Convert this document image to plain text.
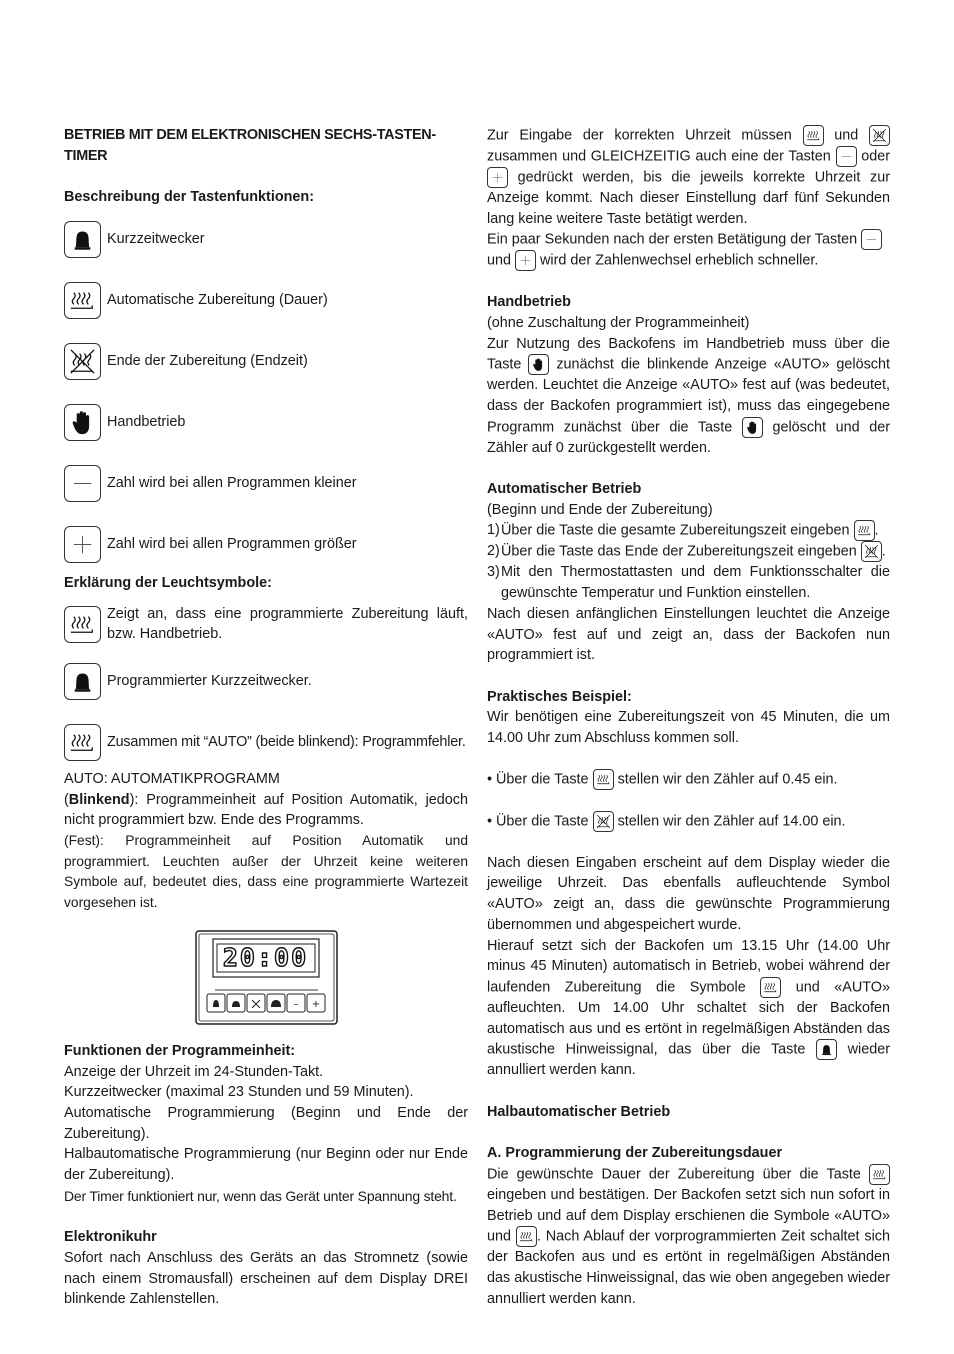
BETRIEB MIT DEM ELEKTRONISCHEN SECHS-TASTEN-TIMER

Beschreibung der Tastenfunktionen:

Kurzzeitwecker
Automatische Zubereitung (Dauer)
Ende der Zubereitung (Endzeit)
Handbetrieb
Zahl wird bei allen Programmen kleiner
Zahl wird bei allen Programmen größer

Erklärung der Leuchtsymbole:

Zeigt an, dass eine programmierte Zubereitung läuft, bzw. Handbetrieb.
Programmierter Kurzzeitwecker.
Zusammen mit “AUTO” (beide blinkend): Programmfehler.

AUTO: AUTOMATIKPROGRAMM

(Blinkend): Programmeinheit auf Position Automatik, jedoch nicht programmiert bzw. Ende des Programms.

(Fest): Programmeinheit auf Position Automatik und programmiert. Leuchten außer der Uhrzeit keine weiteren Symbole auf, bedeutet dies, dass eine programmierte Wartezeit vorgesehen ist.

– +
20:00

Funktionen der Programmeinheit:

Anzeige der Uhrzeit im 24-Stunden-Takt.

Kurzzeitwecker (maximal 23 Stunden und 59 Minuten).

Automatische Programmierung (Beginn und Ende der Zubereitung).

Halbautomatische Programmierung (nur Beginn oder nur Ende der Zubereitung).

Der Timer funktioniert nur, wenn das Gerät unter Spannung steht.

Elektronikuhr

Sofort nach Anschluss des Geräts an das Stromnetz (sowie nach einem Stromausfall) erscheinen auf dem Display DREI blinkende Zahlenstellen.

Zur Eingabe der korrekten Uhrzeit müssen	und
zusammen und GLEICHZEITIG auch eine der Tasten oder
gedrückt werden, bis die jeweils korrekte Uhrzeit zur Anzeige kommt. Nach dieser Einstellung darf fünf Sekunden lang keine weitere Taste betätigt werden.

Ein paar Sekunden nach der ersten Betätigung der Tasten
und wird der Zahlenwechsel erheblich schneller.

Handbetrieb

(ohne Zuschaltung der Programmeinheit)

Zur Nutzung des Backofens im Handbetrieb muss über die Taste zunächst die blinkende Anzeige «AUTO» gelöscht werden. Leuchtet die Anzeige «AUTO» fest auf (was bedeutet, dass der Backofen programmiert ist), muss das eingegebene Programm zunächst über die Taste	gelöscht und der Zähler auf 0 zurückgestellt werden.

Automatischer Betrieb

(Beginn und Ende der Zubereitung)

1) Über die Taste die gesamte Zubereitungszeit eingeben .
2) Über die Taste das Ende der Zubereitungszeit eingeben .
3) Mit den Thermostattasten und dem Funktionsschalter die gewünschte Temperatur und Funktion einstellen.

Nach diesen anfänglichen Einstellungen leuchtet die Anzeige «AUTO» fest auf und zeigt an, dass der Backofen nun programmiert ist.

Praktisches Beispiel:

Wir benötigen eine Zubereitungszeit von 45 Minuten, die um 14.00 Uhr zum Abschluss kommen soll.

• Über die Taste stellen wir den Zähler auf 0.45 ein.

• Über die Taste stellen wir den Zähler auf 14.00 ein.

Nach diesen Eingaben erscheint auf dem Display wieder die jeweilige Uhrzeit. Das ebenfalls aufleuchtende Symbol «AUTO» zeigt an, dass die gewünschte Programmierung übernommen und abgespeichert wurde.

Hierauf setzt sich der Backofen um 13.15 Uhr (14.00 Uhr minus 45 Minuten) automatisch in Betrieb, wobei während der laufenden Zubereitung die Symbole	und «AUTO» aufleuchten. Um 14.00 Uhr schaltet sich der Backofen automatisch aus und es ertönt in regelmäßigen Abständen das akustische Hinweissignal, das über die Taste	wieder annulliert werden kann.

Halbautomatischer Betrieb

A. Programmierung der Zubereitungsdauer

Die gewünschte Dauer der Zubereitung über die Taste
eingeben und bestätigen. Der Backofen setzt sich nun sofort in Betrieb und auf dem Display erschienen die Symbole «AUTO» und . Nach Ablauf der vorprogrammierten Zeit schaltet sich der Backofen aus und es ertönt in regelmäßigen Abständen das akustische Hinweissignal, das wie oben angegeben wieder annulliert werden kann.
